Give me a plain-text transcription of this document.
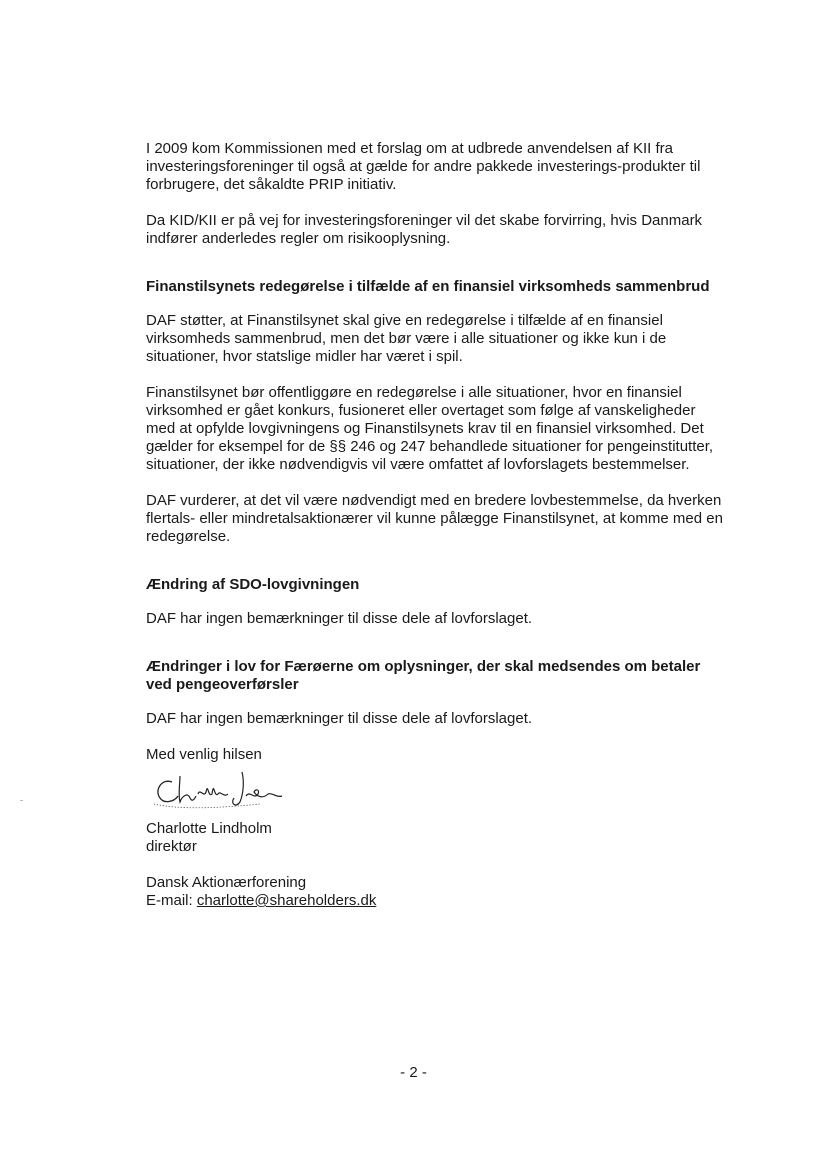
I 2009 kom Kommissionen med et forslag om at udbrede anvendelsen af KII fra investeringsforeninger til også at gælde for andre pakkede investerings-produkter til forbrugere, det såkaldte PRIP initiativ.

Da KID/KII er på vej for investeringsforeninger vil det skabe forvirring, hvis Danmark indfører anderledes regler om risikooplysning.

Finanstilsynets redegørelse i tilfælde af en finansiel virksomheds sammenbrud

DAF støtter, at Finanstilsynet skal give en redegørelse i tilfælde af en finansiel virksomheds sammenbrud, men det bør være i alle situationer og ikke kun i de situationer, hvor statslige midler har været i spil.

Finanstilsynet bør offentliggøre en redegørelse i alle situationer, hvor en finansiel virksomhed er gået konkurs, fusioneret eller overtaget som følge af vanskeligheder med at opfylde lovgivningens og Finanstilsynets krav til en finansiel virksomhed. Det gælder for eksempel for de §§ 246 og 247 behandlede situationer for pengeinstitutter, situationer, der ikke nødvendigvis vil være omfattet af lovforslagets bestemmelser.

DAF vurderer, at det vil være nødvendigt med en bredere lovbestemmelse, da hverken flertals- eller mindretalsaktionærer vil kunne pålægge Finanstilsynet, at komme med en redegørelse.

Ændring af SDO-lovgivningen

DAF har ingen bemærkninger til disse dele af lovforslaget.

Ændringer i lov for Færøerne om oplysninger, der skal medsendes om betaler ved pengeoverførsler

DAF har ingen bemærkninger til disse dele af lovforslaget.

Med venlig hilsen

Charlotte Lindholm

direktør

Dansk Aktionærforening

E-mail: charlotte@shareholders.dk

- 2 -
